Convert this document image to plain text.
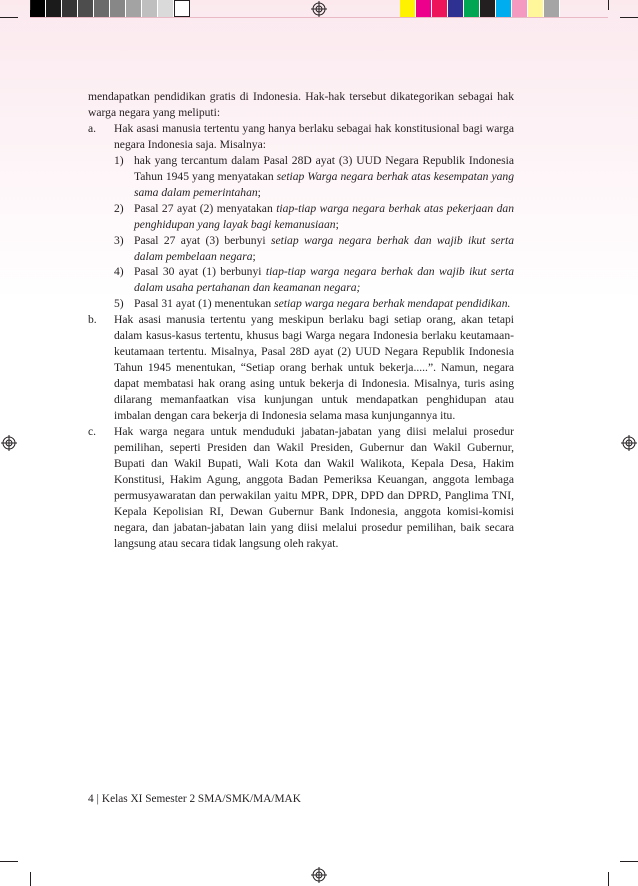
mendapatkan pendidikan gratis di Indonesia. Hak-hak tersebut dikategorikan sebagai hak warga negara yang meliputi:

a.	Hak asasi manusia tertentu yang hanya berlaku sebagai hak konstitusional bagi warga negara Indonesia saja. Misalnya:
1) hak yang tercantum dalam Pasal 28D ayat (3) UUD Negara Republik Indonesia Tahun 1945 yang menyatakan setiap Warga negara berhak atas kesempatan yang sama dalam pemerintahan;
2) Pasal 27 ayat (2) menyatakan tiap-tiap warga negara berhak atas pekerjaan dan penghidupan yang layak bagi kemanusiaan;
3) Pasal 27 ayat (3) berbunyi setiap warga negara berhak dan wajib ikut serta dalam pembelaan negara;
4) Pasal 30 ayat (1) berbunyi tiap-tiap warga negara berhak dan wajib ikut serta dalam usaha pertahanan dan keamanan negara;
5) Pasal 31 ayat (1) menentukan setiap warga negara berhak mendapat pendidikan.
b.	Hak asasi manusia tertentu yang meskipun berlaku bagi setiap orang, akan tetapi dalam kasus-kasus tertentu, khusus bagi Warga negara Indonesia berlaku keutamaan-keutamaan tertentu. Misalnya, Pasal 28D ayat (2) UUD Negara Republik Indonesia Tahun 1945 menentukan, “Setiap orang berhak untuk bekerja.....”. Namun, negara dapat membatasi hak orang asing untuk bekerja di Indonesia. Misalnya, turis asing dilarang memanfaatkan visa kunjungan untuk mendapatkan penghidupan atau imbalan dengan cara bekerja di Indonesia selama masa kunjungannya itu.
c.	Hak warga negara untuk menduduki jabatan-jabatan yang diisi melalui prosedur pemilihan, seperti Presiden dan Wakil Presiden, Gubernur dan Wakil Gubernur, Bupati dan Wakil Bupati, Wali Kota dan Wakil Walikota, Kepala Desa, Hakim Konstitusi, Hakim Agung, anggota Badan Pemeriksa Keuangan, anggota lembaga permusyawaratan dan perwakilan yaitu MPR, DPR, DPD dan DPRD, Panglima TNI, Kepala Kepolisian RI, Dewan Gubernur Bank Indonesia, anggota komisi-komisi negara, dan jabatan-jabatan lain yang diisi melalui prosedur pemilihan, baik secara langsung atau secara tidak langsung oleh rakyat.
4 | Kelas XI Semester 2 SMA/SMK/MA/MAK
